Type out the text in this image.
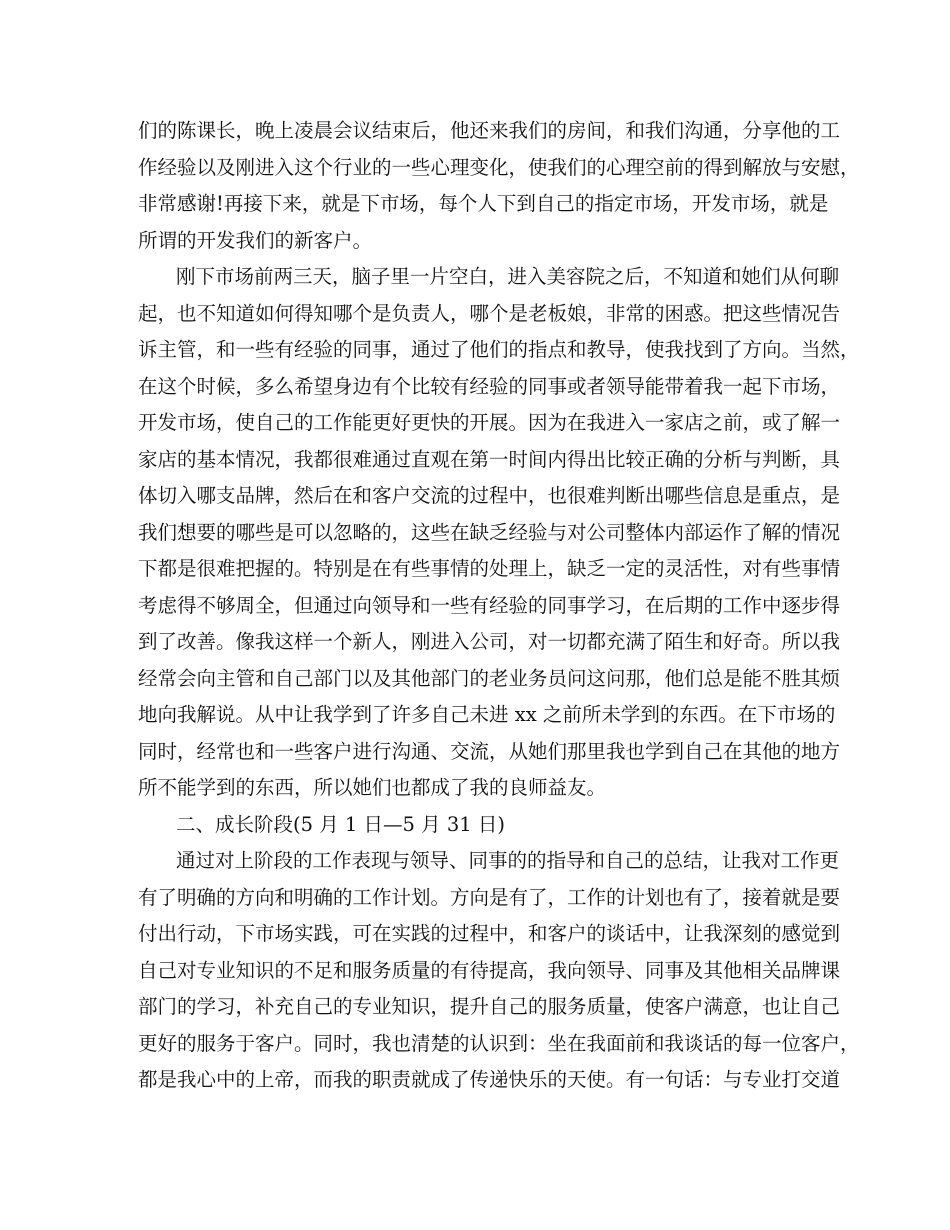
们的陈课长，晚上凌晨会议结束后，他还来我们的房间，和我们沟通，分享他的工
作经验以及刚进入这个行业的一些心理变化，使我们的心理空前的得到解放与安慰，
非常感谢!再接下来，就是下市场，每个人下到自己的指定市场，开发市场，就是
所谓的开发我们的新客户。
刚下市场前两三天，脑子里一片空白，进入美容院之后，不知道和她们从何聊
起，也不知道如何得知哪个是负责人，哪个是老板娘，非常的困惑。把这些情况告
诉主管，和一些有经验的同事，通过了他们的指点和教导，使我找到了方向。当然，
在这个时候，多么希望身边有个比较有经验的同事或者领导能带着我一起下市场，
开发市场，使自己的工作能更好更快的开展。因为在我进入一家店之前，或了解一
家店的基本情况，我都很难通过直观在第一时间内得出比较正确的分析与判断，具
体切入哪支品牌，然后在和客户交流的过程中，也很难判断出哪些信息是重点，是
我们想要的哪些是可以忽略的，这些在缺乏经验与对公司整体内部运作了解的情况
下都是很难把握的。特别是在有些事情的处理上，缺乏一定的灵活性，对有些事情
考虑得不够周全，但通过向领导和一些有经验的同事学习，在后期的工作中逐步得
到了改善。像我这样一个新人，刚进入公司，对一切都充满了陌生和好奇。所以我
经常会向主管和自己部门以及其他部门的老业务员问这问那，他们总是能不胜其烦
地向我解说。从中让我学到了许多自己未进 xx 之前所未学到的东西。在下市场的
同时，经常也和一些客户进行沟通、交流，从她们那里我也学到自己在其他的地方
所不能学到的东西，所以她们也都成了我的良师益友。
二、成长阶段(5 月 1 日—5 月 31 日)
通过对上阶段的工作表现与领导、同事的的指导和自己的总结，让我对工作更
有了明确的方向和明确的工作计划。方向是有了，工作的计划也有了，接着就是要
付出行动，下市场实践，可在实践的过程中，和客户的谈话中，让我深刻的感觉到
自己对专业知识的不足和服务质量的有待提高，我向领导、同事及其他相关品牌课
部门的学习，补充自己的专业知识，提升自己的服务质量，使客户满意，也让自己
更好的服务于客户。同时，我也清楚的认识到：坐在我面前和我谈话的每一位客户，
都是我心中的上帝，而我的职责就成了传递快乐的天使。有一句话：与专业打交道
